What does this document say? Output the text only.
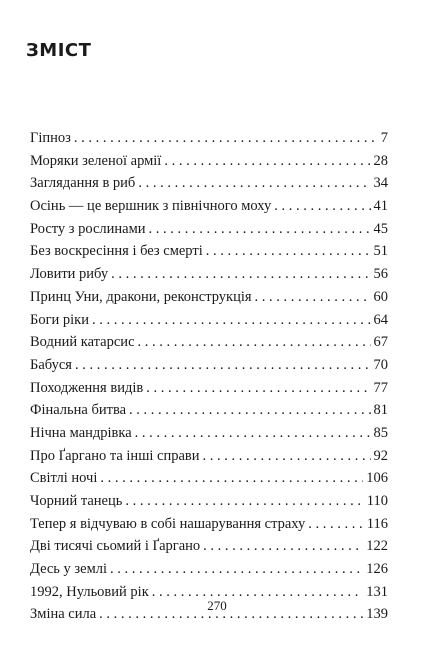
ЗМІСТ
Гіпноз . . .	7
Моряки зеленої армії . . .	28
Заглядання в риб . . .	34
Осінь — це вершник з північного моху . . .	41
Росту з рослинами . . .	45
Без воскресіння і без смерті . . .	51
Ловити рибу . . .	56
Принц Уни, дракони, реконструкція . . .	60
Боги ріки . . .	64
Водний катарсис . . .	67
Бабуся . . .	70
Походження видів . . .	77
Фінальна битва . . .	81
Нічна мандрівка . . .	85
Про Ґаргано та інші справи . . .	92
Світлі ночі . . .	106
Чорний танець . . .	110
Тепер я відчуваю в собі нашарування страху . . .	116
Дві тисячі сьомий і Ґаргано . . .	122
Десь у землі . . .	126
1992, Нульовий рік . . .	131
Зміна сила . . .	139
270
